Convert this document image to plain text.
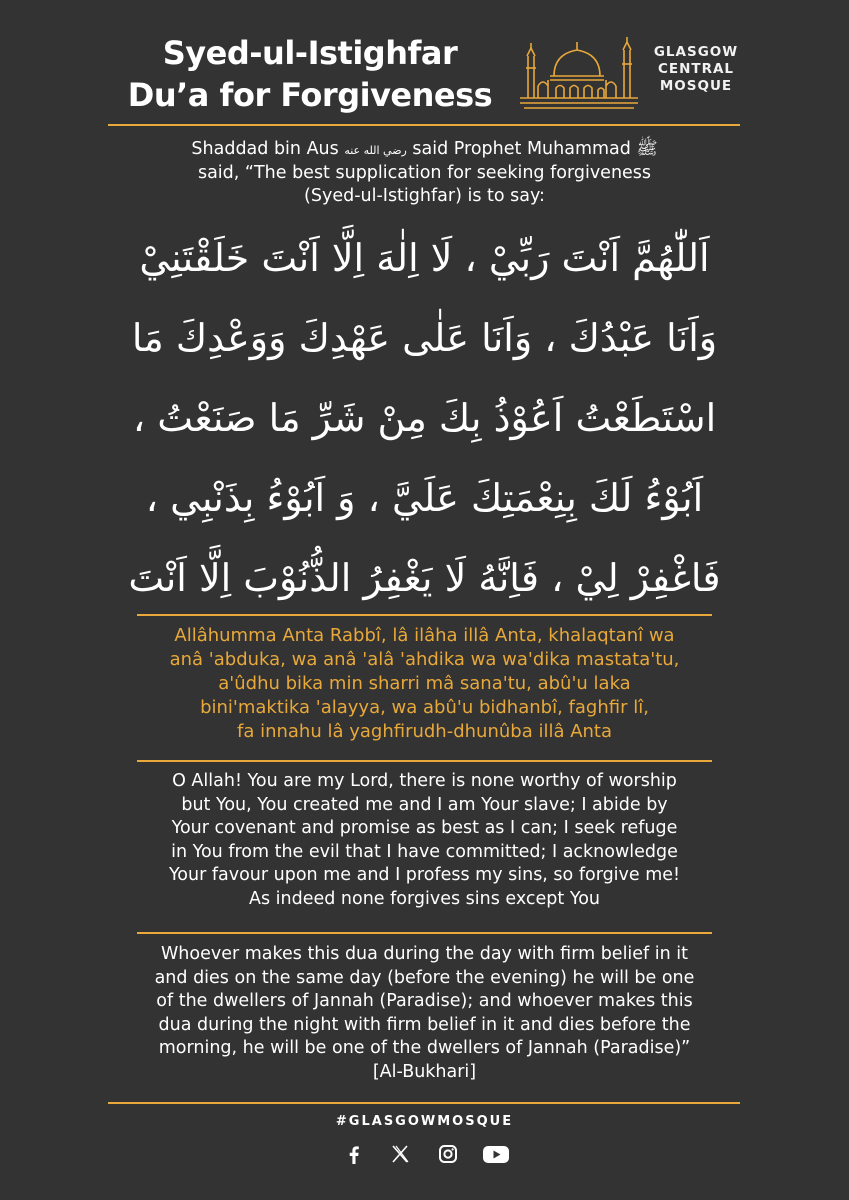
Syed-ul-Istighfar
Du’a for Forgiveness
GLASGOW
CENTRAL
MOSQUE
Shaddad bin Aus رضي الله عنه said Prophet Muhammad ﷺ
said, “The best supplication for seeking forgiveness
(Syed-ul-Istighfar) is to say:
اَللّٰهُمَّ اَنْتَ رَبِّيْ ، لَا اِلٰهَ اِلَّا اَنْتَ خَلَقْتَنِيْ
وَاَنَا عَبْدُكَ ، وَاَنَا عَلٰى عَهْدِكَ وَوَعْدِكَ مَا
اسْتَطَعْتُ اَعُوْذُ بِكَ مِنْ شَرِّ مَا صَنَعْتُ ،
اَبُوْءُ لَكَ بِنِعْمَتِكَ عَلَيَّ ، وَ اَبُوْءُ بِذَنْبِي ،
فَاغْفِرْ لِيْ ، فَاِنَّهُ لَا يَغْفِرُ الذُّنُوْبَ اِلَّا اَنْتَ
Allâhumma Anta Rabbî, lâ ilâha illâ Anta, khalaqtanî wa
anâ 'abduka, wa anâ 'alâ 'ahdika wa wa'dika mastata'tu,
a'ûdhu bika min sharri mâ sana'tu, abû'u laka
bini'maktika 'alayya, wa abû'u bidhanbî, faghfir lî,
fa innahu lâ yaghfirudh-dhunûba illâ Anta
O Allah! You are my Lord, there is none worthy of worship
but You, You created me and I am Your slave; I abide by
Your covenant and promise as best as I can; I seek refuge
in You from the evil that I have committed; I acknowledge
Your favour upon me and I profess my sins, so forgive me!
As indeed none forgives sins except You
Whoever makes this dua during the day with firm belief in it
and dies on the same day (before the evening) he will be one
of the dwellers of Jannah (Paradise); and whoever makes this
dua during the night with firm belief in it and dies before the
morning, he will be one of the dwellers of Jannah (Paradise)”
[Al-Bukhari]
#GLASGOWMOSQUE
